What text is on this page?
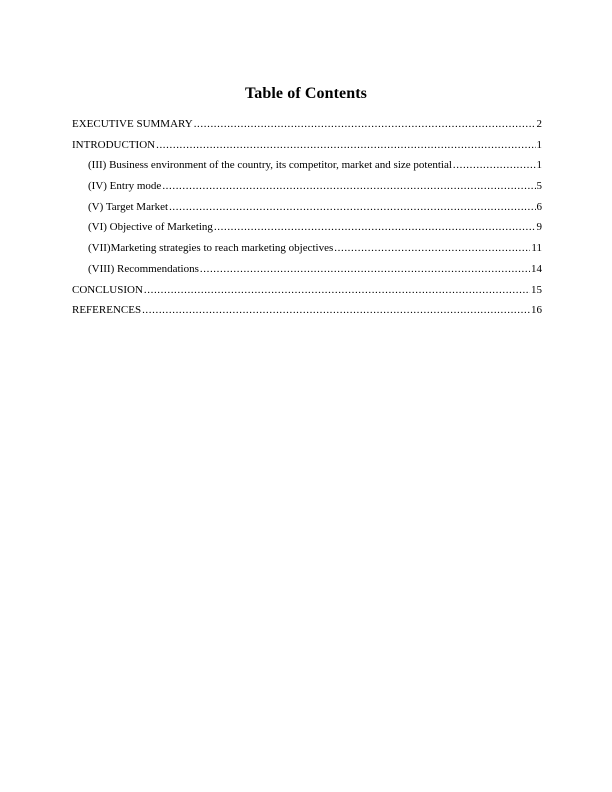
Table of Contents
EXECUTIVE SUMMARY .....	2
INTRODUCTION .....	1
(III) Business environment of the country, its competitor, market and size potential .....	1
(IV) Entry mode .....	5
(V) Target Market .....	6
(VI) Objective of Marketing .....	9
(VII)Marketing strategies to reach marketing objectives .....	11
(VIII) Recommendations .....	14
CONCLUSION .....	15
REFERENCES .....	16
